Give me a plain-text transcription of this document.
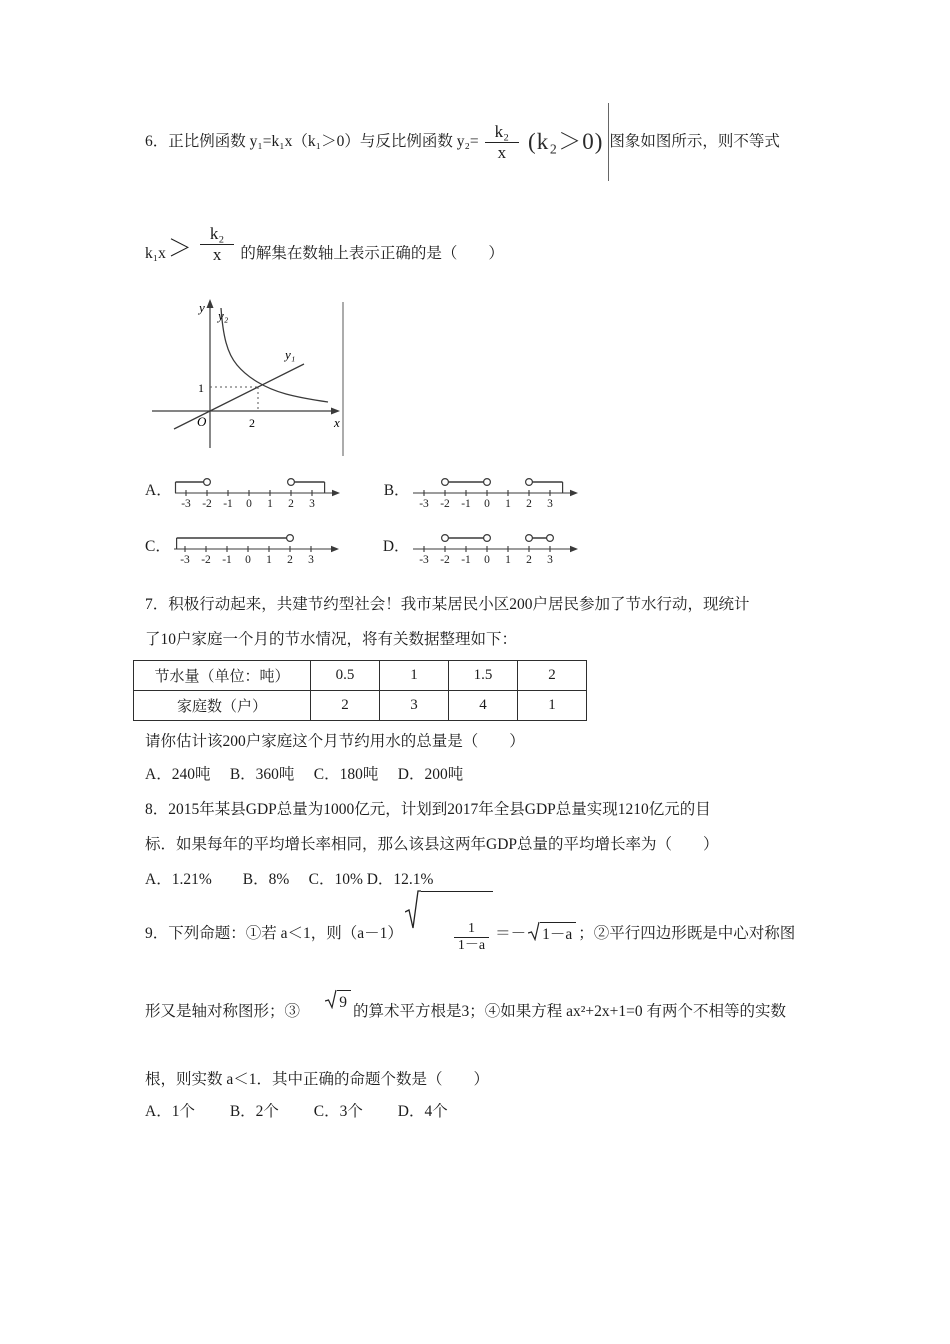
6．正比例函数 y₁=k₁x（k₁＞0）与反比例函数 $y_2= \frac{\text{k₂}}{x} (k_2>0)$ 图象如图所示，则不等式
$k_1x > \frac{\text{k₂}}{x}$ 的解集在数轴上表示正确的是（　　）
y
y₂
y₁
1
O	2	x
A．
-3 -2 -1 0 1 2 3
B．
-3 -2 -1 0 1 2 3
C．
-3 -2 -1 0 1 2 3
D．
-3 -2 -1 0 1 2 3
7．积极行动起来，共建节约型社会！我市某居民小区200户居民参加了节水行动，现统计
了10户家庭一个月的节水情况，将有关数据整理如下：
节水量（单位：吨）	0.5	1	1.5	2
家庭数（户）	2	3	4	1
请你估计该200户家庭这个月节约用水的总量是（　　）
A．240吨　 B．360吨 　C．180吨 　D．200吨
8．2015年某县GDP总量为1000亿元，计划到2017年全县GDP总量实现1210亿元的目
标．如果每年的平均增长率相同，那么该县这两年GDP总量的平均增长率为（　　）
A．1.21%　　B．8%　 C．10% D．12.1%
9．下列命题：①若 a＜1，则（a－1）

	$\frac{1}{1-a}$

＝－ 1－a ；②平行四边形既是中心对称图
形又是轴对称图形；③

9

的算术平方根是3；④如果方程 ax²+2x+1=0 有两个不相等的实数
根，则实数 a＜1．其中正确的命题个数是（　　）
A．1个　　 B．2个 　　C．3个 　　D．4个
